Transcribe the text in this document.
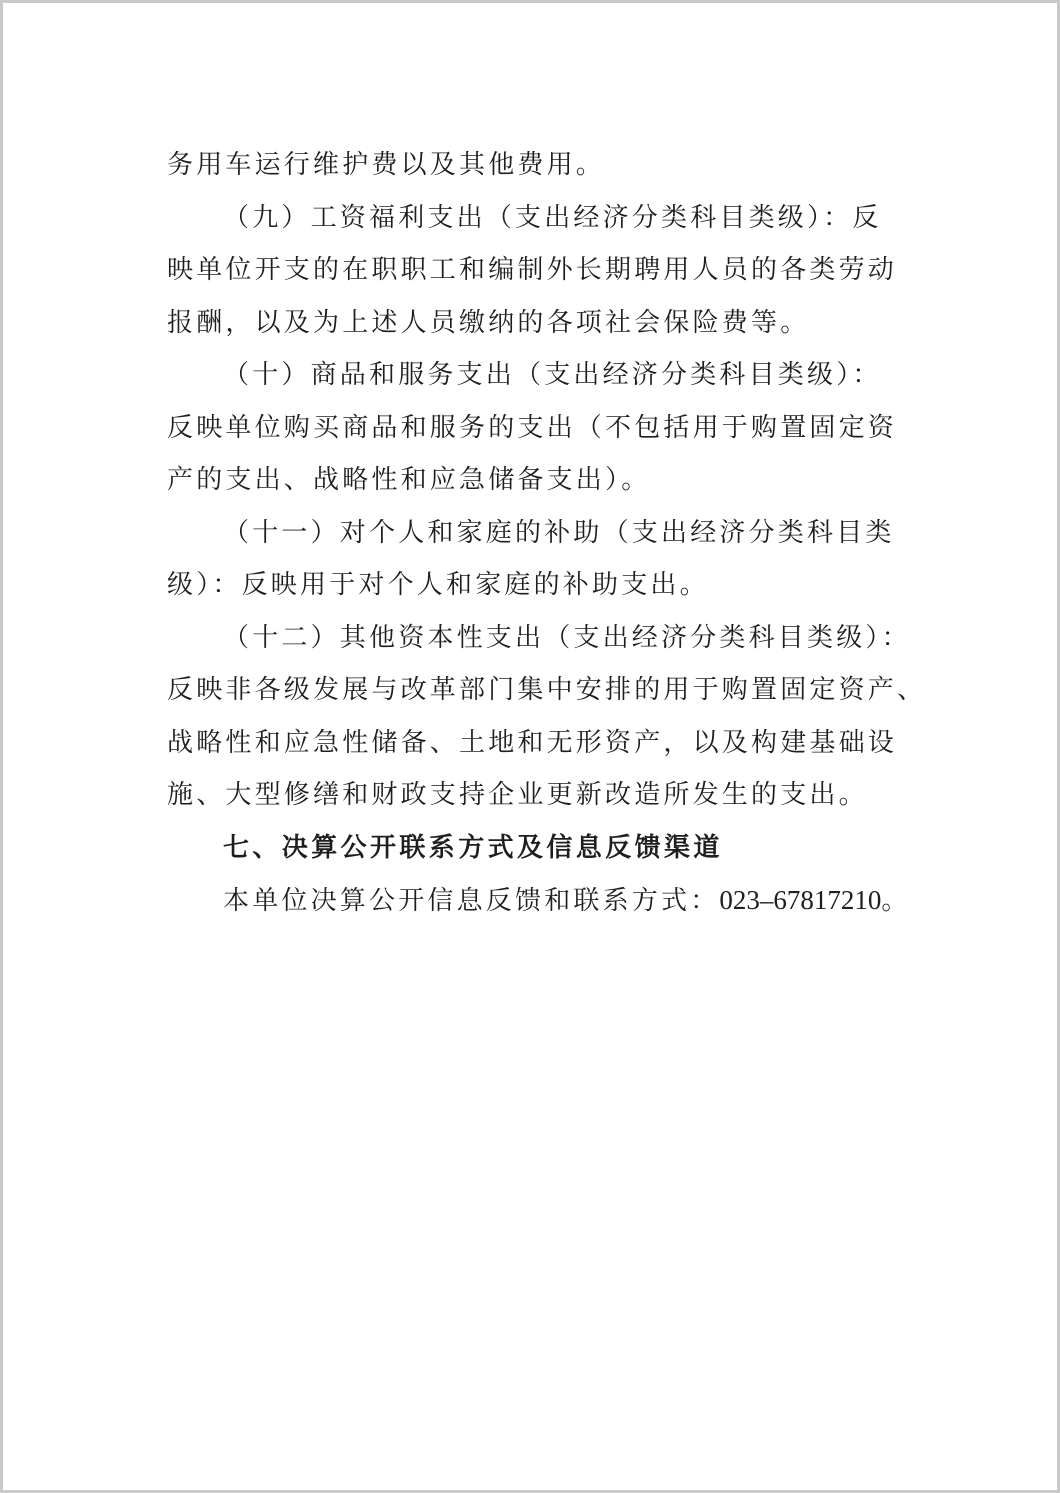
务用车运行维护费以及其他费用。
（九）工资福利支出（支出经济分类科目类级）：反
映单位开支的在职职工和编制外长期聘用人员的各类劳动
报酬，以及为上述人员缴纳的各项社会保险费等。
（十）商品和服务支出（支出经济分类科目类级）：
反映单位购买商品和服务的支出（不包括用于购置固定资
产的支出、战略性和应急储备支出）。
（十一）对个人和家庭的补助（支出经济分类科目类
级）：反映用于对个人和家庭的补助支出。
（十二）其他资本性支出（支出经济分类科目类级）：
反映非各级发展与改革部门集中安排的用于购置固定资产、
战略性和应急性储备、土地和无形资产，以及构建基础设
施、大型修缮和财政支持企业更新改造所发生的支出。
七、决算公开联系方式及信息反馈渠道
本单位决算公开信息反馈和联系方式：023–67817210。
